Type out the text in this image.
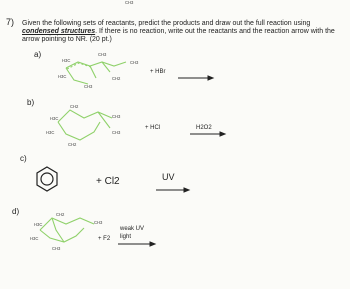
7)
CH3
Given the following sets of reactants, predict the products and draw out the full reaction using condensed structures. If there is no reaction, write out the reactants and the reaction arrow with the arrow pointing to NR. (20 pt.)
a)
b)
c)
d)
H3C
H3C
CH3
CH3
CH2
CH3
+ HBr
H3C
H3C
CH2
CH2
CH3
CH3
+ HCl	H2O2
+ Cl2	UV
H3C
H3C
CH2
CH3
CH3
+ F2
weak UV
light
